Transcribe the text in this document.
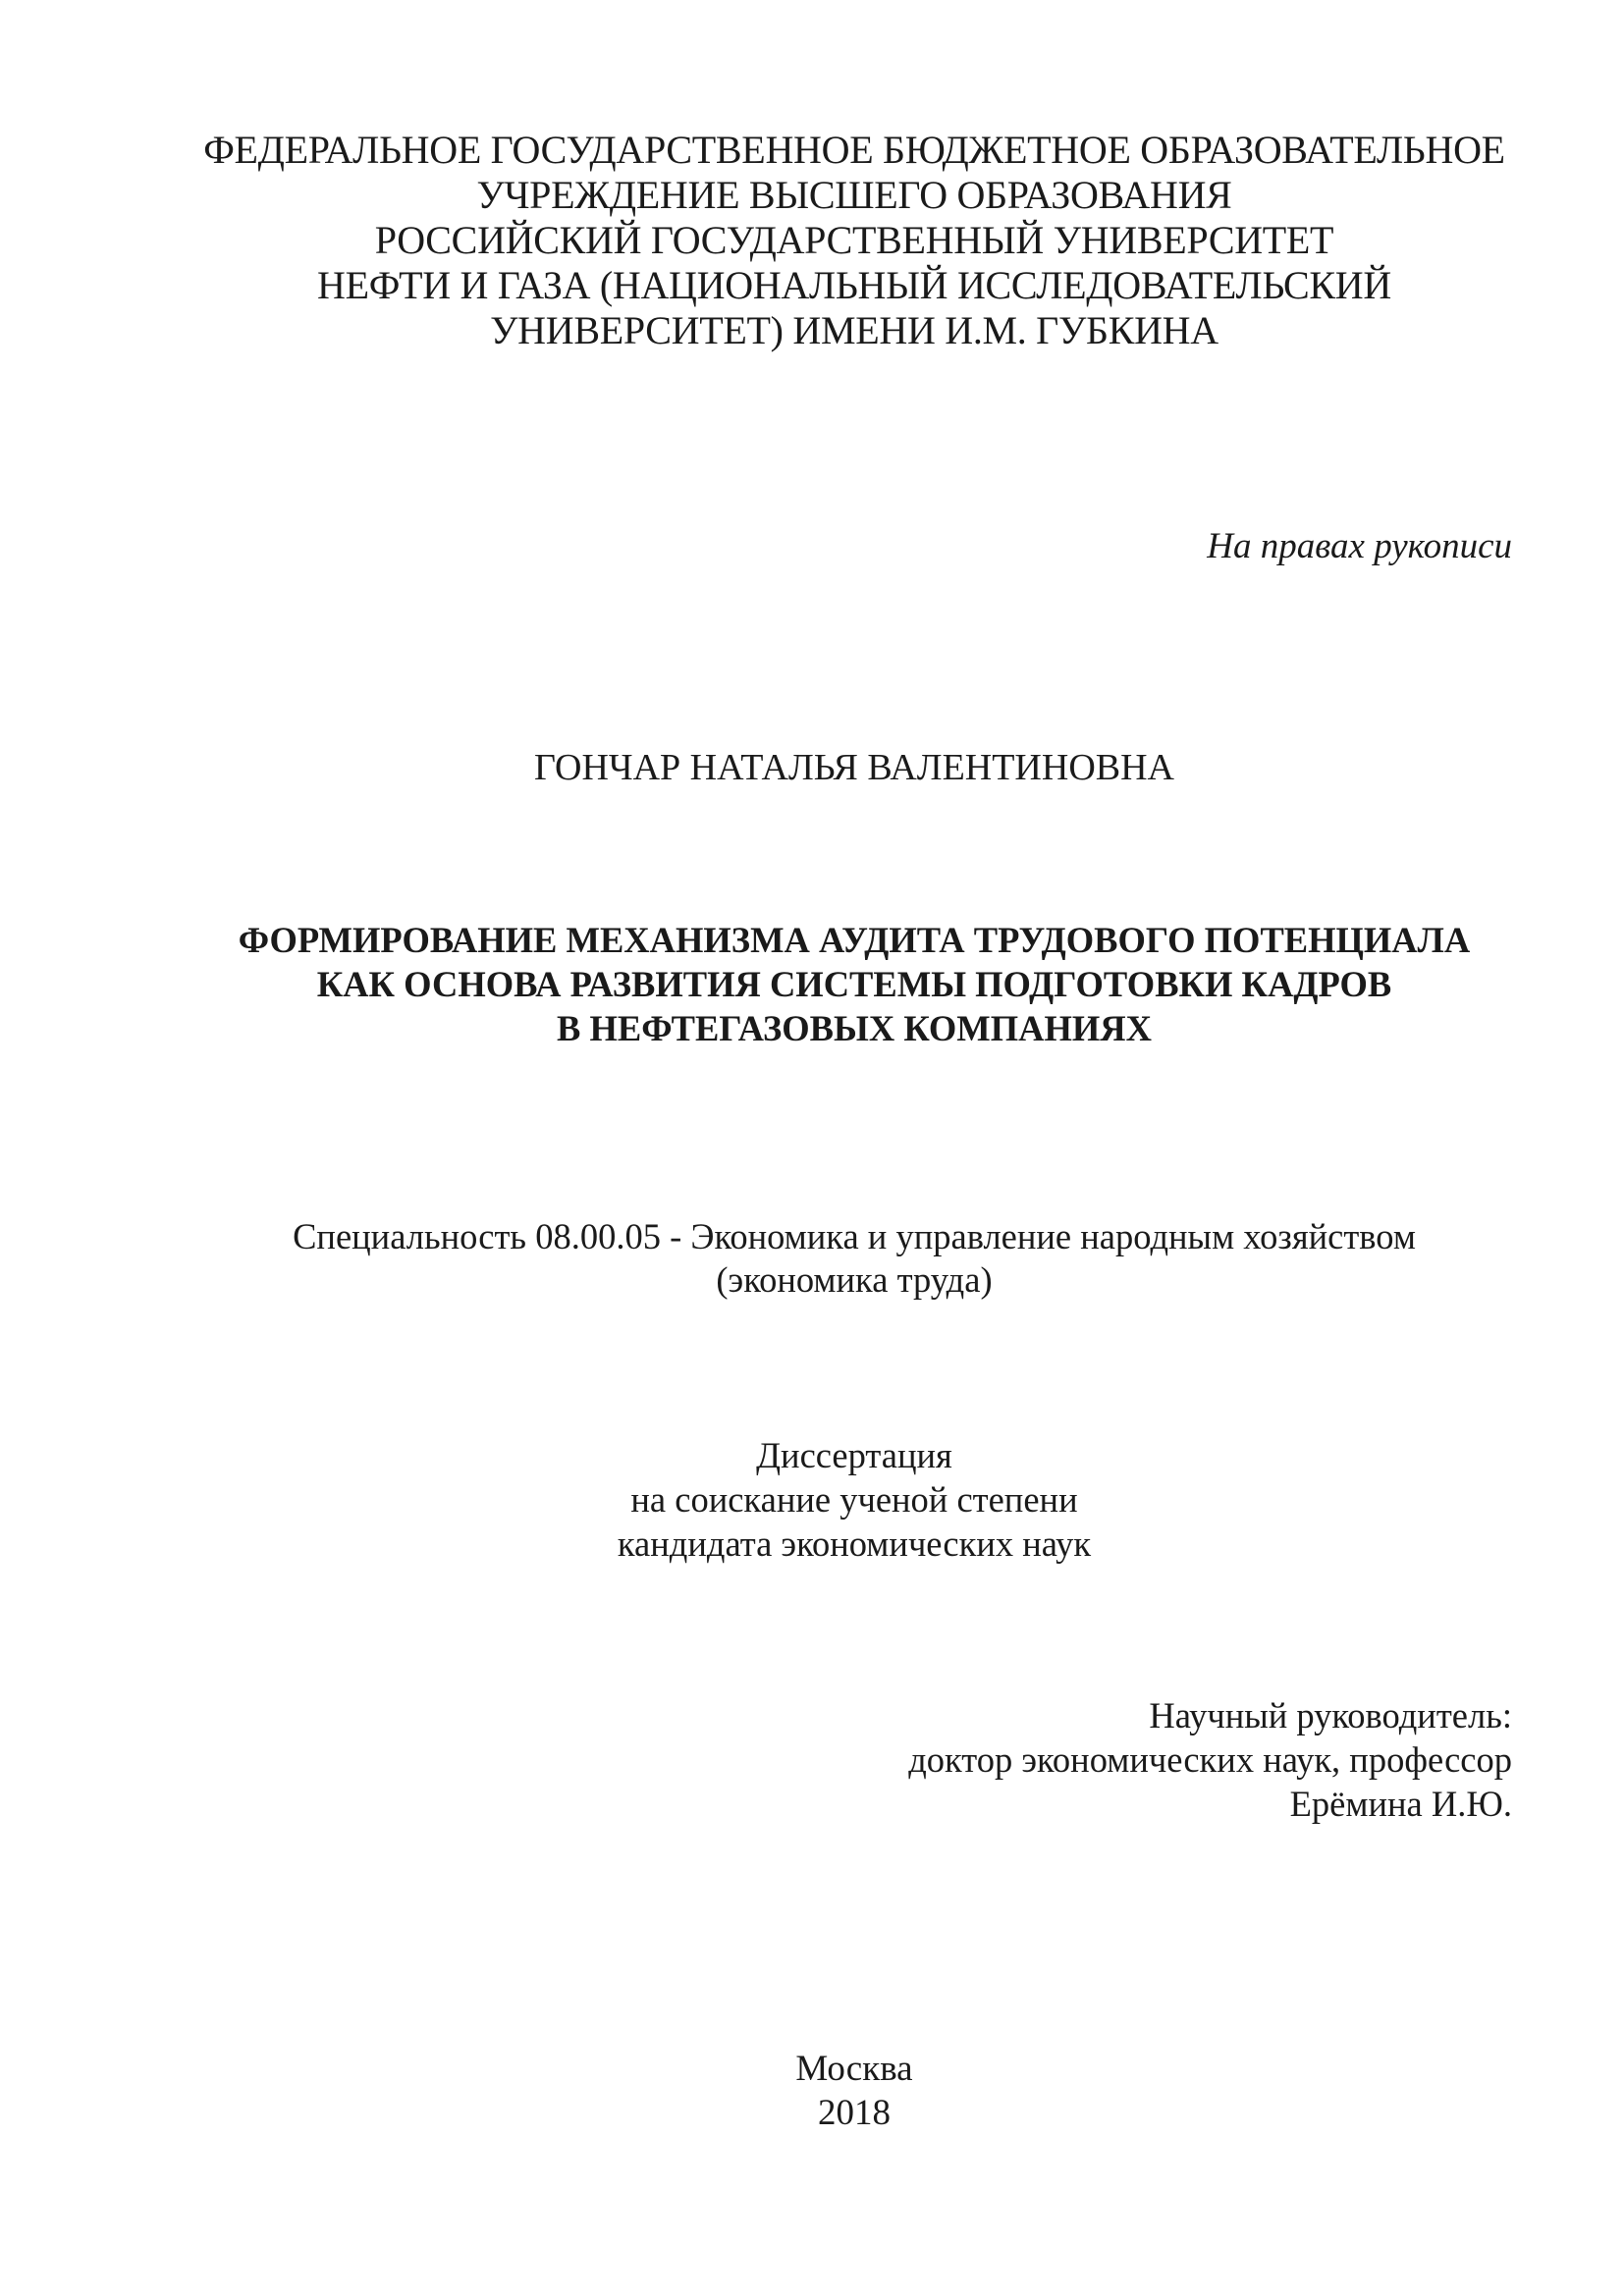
ФЕДЕРАЛЬНОЕ ГОСУДАРСТВЕННОЕ БЮДЖЕТНОЕ ОБРАЗОВАТЕЛЬНОЕ
УЧРЕЖДЕНИЕ ВЫСШЕГО ОБРАЗОВАНИЯ
РОССИЙСКИЙ ГОСУДАРСТВЕННЫЙ УНИВЕРСИТЕТ
НЕФТИ И ГАЗА (НАЦИОНАЛЬНЫЙ ИССЛЕДОВАТЕЛЬСКИЙ
УНИВЕРСИТЕТ) ИМЕНИ И.М. ГУБКИНА
На правах рукописи
ГОНЧАР НАТАЛЬЯ ВАЛЕНТИНОВНА
ФОРМИРОВАНИЕ МЕХАНИЗМА АУДИТА ТРУДОВОГО ПОТЕНЦИАЛА
КАК ОСНОВА РАЗВИТИЯ СИСТЕМЫ ПОДГОТОВКИ КАДРОВ
В НЕФТЕГАЗОВЫХ КОМПАНИЯХ
Специальность 08.00.05 - Экономика и управление народным хозяйством
(экономика труда)
Диссертация
на соискание ученой степени
кандидата экономических наук
Научный руководитель:
доктор экономических наук, профессор
Ерёмина И.Ю.
Москва
2018
